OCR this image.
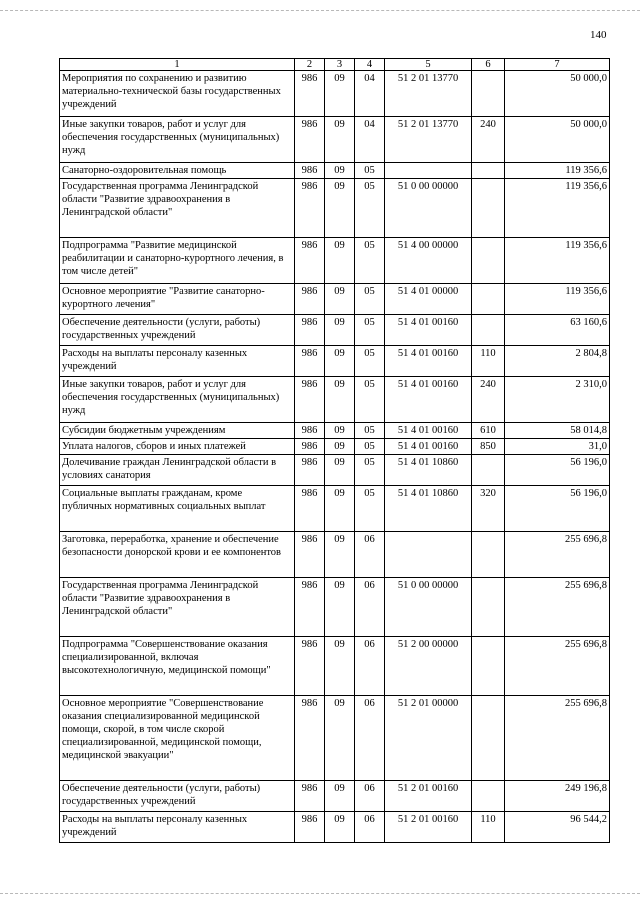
140
1	2	3	4	5	6	7
Мероприятия по сохранению и развитию материально-технической базы государственных учреждений	986	09	04	51 2 01 13770		50 000,0
Иные закупки товаров, работ и услуг для обеспечения государственных (муниципальных) нужд	986	09	04	51 2 01 13770	240	50 000,0
Санаторно-оздоровительная помощь	986	09	05			119 356,6
Государственная программа Ленинградской области "Развитие здравоохранения в Ленинградской области"	986	09	05	51 0 00 00000		119 356,6
Подпрограмма "Развитие медицинской реабилитации и санаторно-курортного лечения, в том числе детей"	986	09	05	51 4 00 00000		119 356,6
Основное мероприятие "Развитие санаторно-курортного лечения"	986	09	05	51 4 01 00000		119 356,6
Обеспечение деятельности (услуги, работы) государственных учреждений	986	09	05	51 4 01 00160		63 160,6
Расходы на выплаты персоналу казенных учреждений	986	09	05	51 4 01 00160	110	2 804,8
Иные закупки товаров, работ и услуг для обеспечения государственных (муниципальных) нужд	986	09	05	51 4 01 00160	240	2 310,0
Субсидии бюджетным учреждениям	986	09	05	51 4 01 00160	610	58 014,8
Уплата налогов, сборов и иных платежей	986	09	05	51 4 01 00160	850	31,0
Долечивание граждан Ленинградской области в условиях санатория	986	09	05	51 4 01 10860		56 196,0
Социальные выплаты гражданам, кроме публичных нормативных социальных выплат	986	09	05	51 4 01 10860	320	56 196,0
Заготовка, переработка, хранение и обеспечение безопасности донорской крови и ее компонентов	986	09	06			255 696,8
Государственная программа Ленинградской области "Развитие здравоохранения в Ленинградской области"	986	09	06	51 0 00 00000		255 696,8
Подпрограмма "Совершенствование оказания специализированной, включая высокотехнологичную, медицинской помощи"	986	09	06	51 2 00 00000		255 696,8
Основное мероприятие "Совершенствование оказания специализированной медицинской помощи, скорой, в том числе скорой специализированной, медицинской помощи, медицинской эвакуации"	986	09	06	51 2 01 00000		255 696,8
Обеспечение деятельности (услуги, работы) государственных учреждений	986	09	06	51 2 01 00160		249 196,8
Расходы на выплаты персоналу казенных учреждений	986	09	06	51 2 01 00160	110	96 544,2
